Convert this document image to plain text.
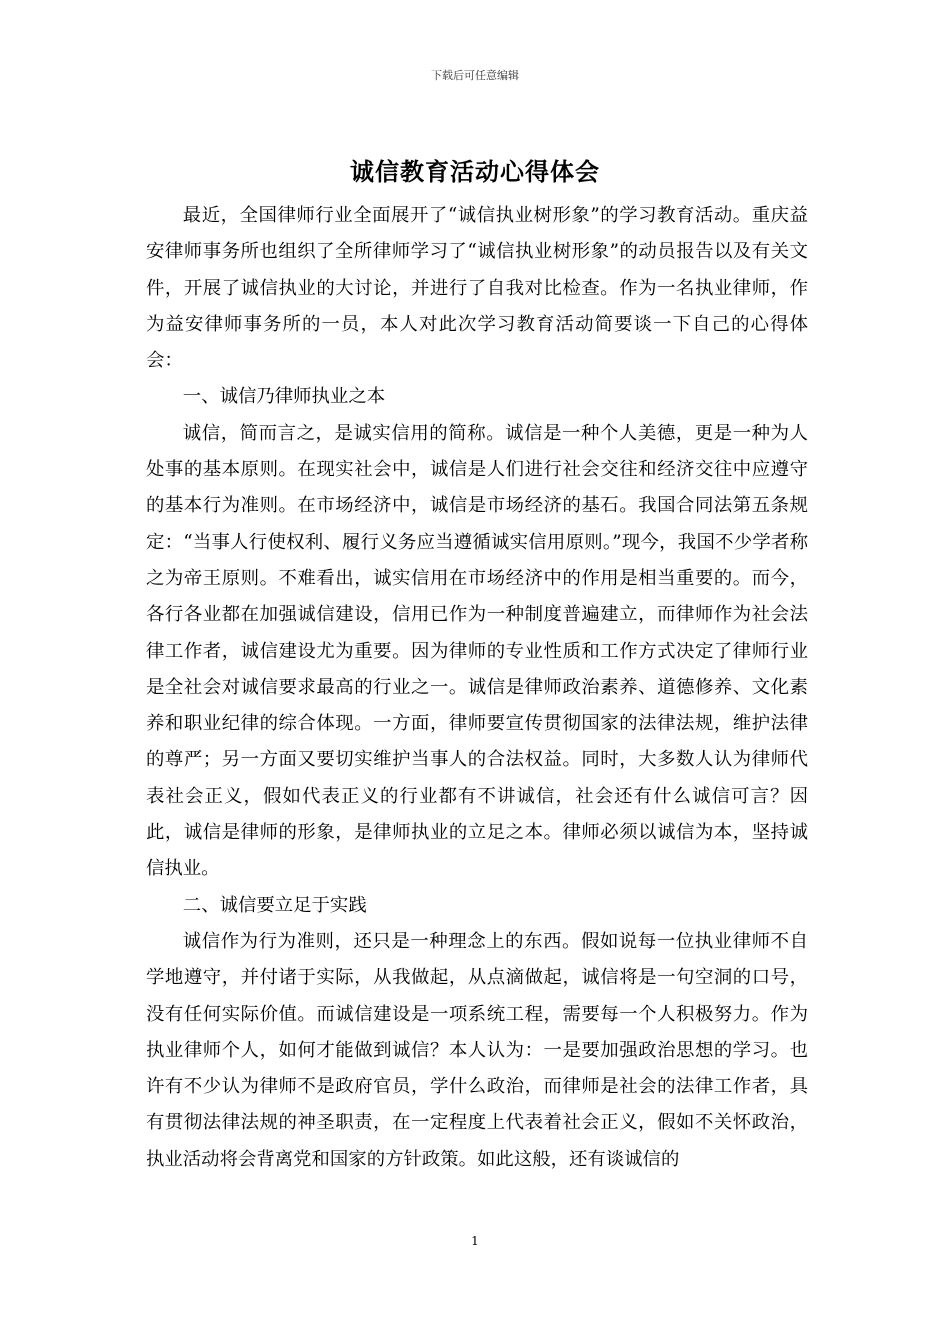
下载后可任意编辑
诚信教育活动心得体会

最近，全国律师行业全面展开了“诚信执业树形象”的学习教育活动。重庆益安律师事务所也组织了全所律师学习了“诚信执业树形象”的动员报告以及有关文件，开展了诚信执业的大讨论，并进行了自我对比检查。作为一名执业律师，作为益安律师事务所的一员，本人对此次学习教育活动简要谈一下自己的心得体会：

一、诚信乃律师执业之本

诚信，简而言之，是诚实信用的简称。诚信是一种个人美德，更是一种为人处事的基本原则。在现实社会中，诚信是人们进行社会交往和经济交往中应遵守的基本行为准则。在市场经济中，诚信是市场经济的基石。我国合同法第五条规定：“当事人行使权利、履行义务应当遵循诚实信用原则。”现今，我国不少学者称之为帝王原则。不难看出，诚实信用在市场经济中的作用是相当重要的。而今，各行各业都在加强诚信建设，信用已作为一种制度普遍建立，而律师作为社会法律工作者，诚信建设尤为重要。因为律师的专业性质和工作方式决定了律师行业是全社会对诚信要求最高的行业之一。诚信是律师政治素养、道德修养、文化素养和职业纪律的综合体现。一方面，律师要宣传贯彻国家的法律法规，维护法律的尊严；另一方面又要切实维护当事人的合法权益。同时，大多数人认为律师代表社会正义，假如代表正义的行业都有不讲诚信，社会还有什么诚信可言？因此，诚信是律师的形象，是律师执业的立足之本。律师必须以诚信为本，坚持诚信执业。

二、诚信要立足于实践

诚信作为行为准则，还只是一种理念上的东西。假如说每一位执业律师不自学地遵守，并付诸于实际，从我做起，从点滴做起，诚信将是一句空洞的口号，没有任何实际价值。而诚信建设是一项系统工程，需要每一个人积极努力。作为执业律师个人，如何才能做到诚信？本人认为：一是要加强政治思想的学习。也许有不少认为律师不是政府官员，学什么政治，而律师是社会的法律工作者，具有贯彻法律法规的神圣职责，在一定程度上代表着社会正义，假如不关怀政治，执业活动将会背离党和国家的方针政策。如此这般，还有谈诚信的

1
